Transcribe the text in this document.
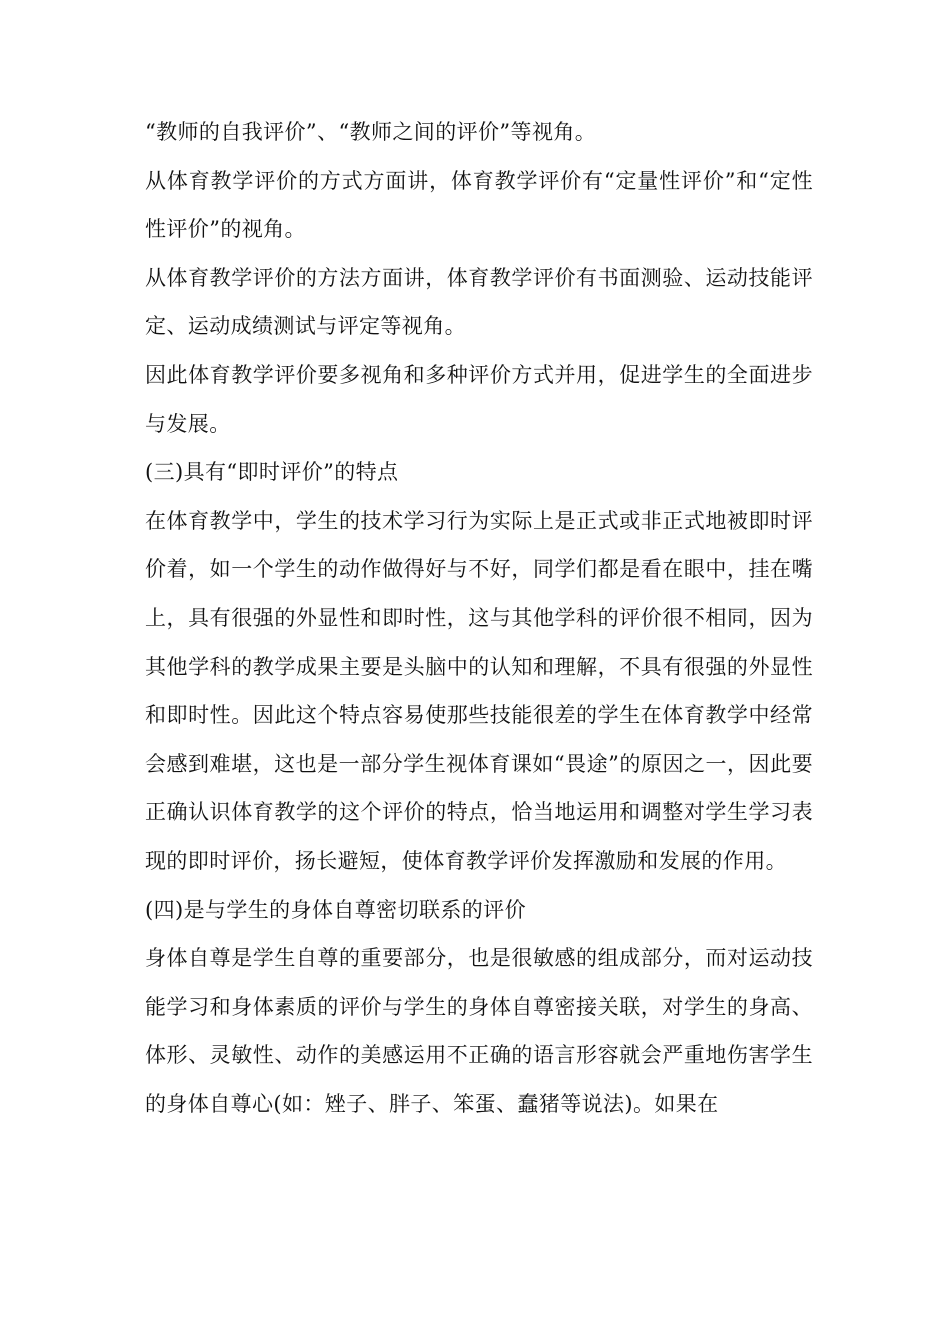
“教师的自我评价”、“教师之间的评价”等视角。

从体育教学评价的方式方面讲，体育教学评价有“定量性评价”和“定性性评价”的视角。

从体育教学评价的方法方面讲，体育教学评价有书面测验、运动技能评定、运动成绩测试与评定等视角。

因此体育教学评价要多视角和多种评价方式并用，促进学生的全面进步与发展。

(三)具有“即时评价”的特点

在体育教学中，学生的技术学习行为实际上是正式或非正式地被即时评价着，如一个学生的动作做得好与不好，同学们都是看在眼中，挂在嘴上，具有很强的外显性和即时性，这与其他学科的评价很不相同，因为其他学科的教学成果主要是头脑中的认知和理解，不具有很强的外显性和即时性。因此这个特点容易使那些技能很差的学生在体育教学中经常会感到难堪，这也是一部分学生视体育课如“畏途”的原因之一，因此要正确认识体育教学的这个评价的特点，恰当地运用和调整对学生学习表现的即时评价，扬长避短，使体育教学评价发挥激励和发展的作用。

(四)是与学生的身体自尊密切联系的评价

身体自尊是学生自尊的重要部分，也是很敏感的组成部分，而对运动技能学习和身体素质的评价与学生的身体自尊密接关联，对学生的身高、体形、灵敏性、动作的美感运用不正确的语言形容就会严重地伤害学生的身体自尊心(如：矬子、胖子、笨蛋、蠢猪等说法)。如果在
